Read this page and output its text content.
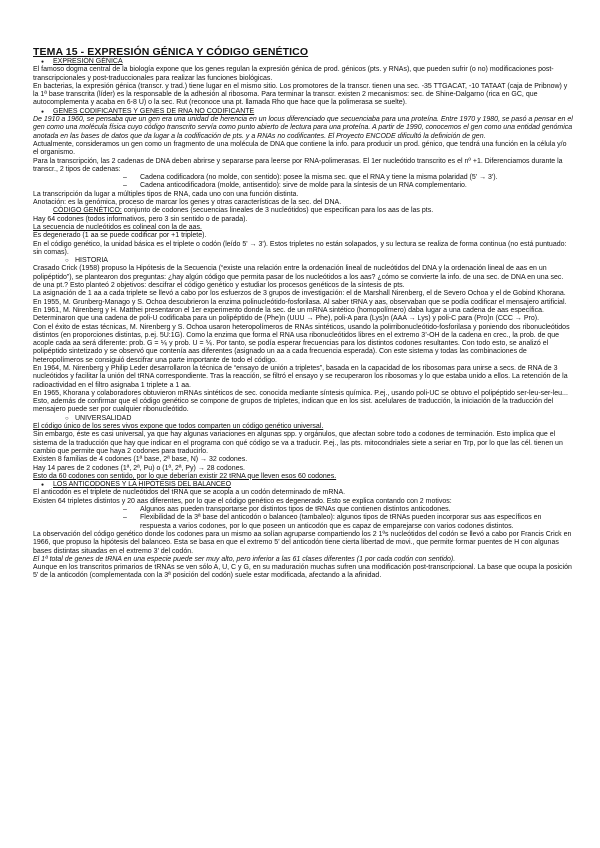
TEMA 15 - EXPRESIÓN GÉNICA Y CÓDIGO GENÉTICO

● EXPRESIÓN GÉNICA

El famoso dogma central de la biología expone que los genes regulan la expresión génica de prod. génicos (pts. y RNAs), que pueden sufrir (o no) modificaciones post-transcripcionales y post-traduccionales para realizar las funciones biológicas.

En bacterias, la expresión génica (transcr. y trad.) tiene lugar en el mismo sitio. Los promotores de la transcr. tienen una sec. -35 TTGACAT, -10 TATAAT (caja de Pribnow) y la 1ª base transcrita (líder) es la responsable de la adhesión al ribosoma. Para terminar la transcr. existen 2 mecanismos: sec. de Shine-Dalgarno (rica en GC, que autocomplementa y acaba en 6-8 U) o la sec. Rut (reconoce una pt. llamada Rho que hace que la polimerasa se suelte).

● GENES CODIFICANTES Y GENES DE RNA NO CODIFICANTE

De 1910 a 1960, se pensaba que un gen era una unidad de herencia en un locus diferenciado que secuenciaba para una proteína. Entre 1970 y 1980, se pasó a pensar en el gen como una molécula física cuyo código transcrito servía como punto abierto de lectura para una proteína. A partir de 1990, conocemos el gen como una entidad genómica anotada en las bases de datos que da lugar a la codificación de pts. y a RNAs no codificantes. El Proyecto ENCODE dificultó la definición de gen.

Actualmente, consideramos un gen como un fragmento de una molécula de DNA que contiene la info. para producir un prod. génico, que tendrá una función en la célula y/o el organismo.

Para la transcripción, las 2 cadenas de DNA deben abrirse y separarse para leerse por RNA-polimerasas. El 1er nucleótido transcrito es el nº +1. Diferenciamos durante la transcr., 2 tipos de cadenas:

– Cadena codificadora (no molde, con sentido): posee la misma sec. que el RNA y tiene la misma polaridad (5' → 3').

– Cadena anticodificadora (molde, antisentido): sirve de molde para la síntesis de un RNA complementario.

La transcripción da lugar a múltiples tipos de RNA, cada uno con una función distinta.

Anotación: es la genómica, proceso de marcar los genes y otras características de la sec. del DNA.

CÓDIGO GENÉTICO: conjunto de codones (secuencias lineales de 3 nucleótidos) que especifican para los aas de las pts.

Hay 64 codones (todos informativos, pero 3 sin sentido o de parada).

La secuencia de nucleótidos es colineal con la de aas.

Es degenerado (1 aa se puede codificar por +1 triplete).

En el código genético, la unidad básica es el triplete o codón (leído 5' → 3'). Estos tripletes no están solapados, y su lectura se realiza de forma continua (no está puntuado: sin comas).

○ HISTORIA

Crasado Crick (1958) propuso la Hipótesis de la Secuencia (“existe una relación entre la ordenación lineal de nucleótidos del DNA y la ordenación lineal de aas en un polipéptido”), se plantearon dos preguntas: ¿hay algún código que permita pasar de los nucleótidos a los aas? ¿cómo se convierte la info. de una sec. de DNA en una sec. de una pt.? Esto planteó 2 objetivos: descifrar el código genético y estudiar los procesos genéticos de la síntesis de pts.

La asignación de 1 aa a cada triplete se llevó a cabo por los esfuerzos de 3 grupos de investigación: el de Marshall Nirenberg, el de Severo Ochoa y el de Gobind Khorana.

En 1955, M. Grunberg-Manago y S. Ochoa descubrieron la enzima polinucleótido-fosforilasa. Al saber tRNA y aas, observaban que se podía codificar el mensajero artificial.

En 1961, M. Nirenberg y H. Matthei presentaron el 1er experimento donde la sec. de un mRNA sintético (homopolímero) daba lugar a una cadena de aas específica. Determinaron que una cadena de poli-U codificaba para un polipéptido de (Phe)n (UUU → Phe), poli-A para (Lys)n (AAA → Lys) y poli-C para (Pro)n (CCC → Pro).

Con el éxito de estas técnicas, M. Nirenberg y S. Ochoa usaron heteropolímeros de RNAs sintéticos, usando la polirribonucleótido-fosforilasa y poniendo dos ribonucleótidos distintos (en proporciones distintas, p.ej. 5U:1G). Como la enzima que forma el RNA usa ribonucleótidos libres en el extremo 3’-OH de la cadena en crec., la prob. de que acople cada aa será diferente: prob. G = ⅙ y prob. U = ⅚. Por tanto, se podía esperar frecuencias para los distintos codones resultantes. Con todo esto, se analizó el polipéptido sintetizado y se observó que contenía aas diferentes (asignado un aa a cada frecuencia esperada). Con este sistema y todas las combinaciones de heteropolímeros se consiguió descifrar una parte importante de todo el código.

En 1964, M. Nirenberg y Philip Leder desarrollaron la técnica de “ensayo de unión a tripletes”, basada en la capacidad de los ribosomas para unirse a secs. de RNA de 3 nucleótidos y facilitar la unión del tRNA correspondiente. Tras la reacción, se filtró el ensayo y se recuperaron los ribosomas y lo que estaba unido a ellos. La retención de la radioactividad en el filtro asignaba 1 triplete a 1 aa.

En 1965, Khorana y colaboradores obtuvieron mRNAs sintéticos de sec. conocida mediante síntesis química. P.ej., usando poli-UC se obtuvo el polipéptido ser-leu-ser-leu... Esto, además de confirmar que el código genético se compone de grupos de tripletes, indican que en los sist. acelulares de traducción, la iniciación de la traducción del mensajero puede ser por cualquier ribonucleótido.

○ UNIVERSALIDAD

El código único de los seres vivos expone que todos comparten un código genético universal.

Sin embargo, éste es casi universal, ya que hay algunas variaciones en algunas spp. y orgánulos, que afectan sobre todo a codones de terminación. Esto implica que el sistema de la traducción que hay que indicar en el programa con qué código se va a traducir. P.ej., las pts. mitocondriales siete a seriar en Trp, por lo que las cél. tienen un cambio que permite que haya 2 codones para traducirlo.

Existen 8 familias de 4 codones (1ª base, 2ª base, N) → 32 codones.

Hay 14 pares de 2 codones (1ª, 2ª, Pu) o (1ª, 2ª, Py) → 28 codones.

Esto da 60 codones con sentido, por lo que deberían existir 22 tRNA que lleven esos 60 codones.

● LOS ANTICODONES Y LA HIPÓTESIS DEL BALANCEO

El anticodón es el triplete de nucleótidos del tRNA que se acopla a un codón determinado de mRNA.

Existen 64 tripletes distintos y 20 aas diferentes, por lo que el código genético es degenerado. Esto se explica contando con 2 motivos:

– Algunos aas pueden transportarse por distintos tipos de tRNAs que contienen distintos anticodones.

– Flexibilidad de la 3ª base del anticodón o balanceo (tambaleo): algunos tipos de tRNAs pueden incorporar sus aas específicos en respuesta a varios codones, por lo que poseen un anticodón que es capaz de emparejarse con varios codones distintos.

La observación del código genético donde los codones para un mismo aa solían agruparse compartiendo los 2 1ºs nucleótidos del codón se llevó a cabo por Francis Crick en 1966, que propuso la hipótesis del balanceo. Esta se basa en que el extremo 5’ del anticodón tiene cierta libertad de movi., que permite formar puentes de H con algunas bases distintas situadas en el extremo 3’ del codón.

El 1ª total de genes de tRNA en una especie puede ser muy alto, pero inferior a las 61 clases diferentes (1 por cada codón con sentido).

Aunque en los transcritos primarios de tRNAs se ven sólo A, U, C y G, en su maduración muchas sufren una modificación post-transcripcional. La base que ocupa la posición 5’ de la anticodón (complementada con la 3ª posición del codón) suele estar modificada, afectando a la afinidad.
